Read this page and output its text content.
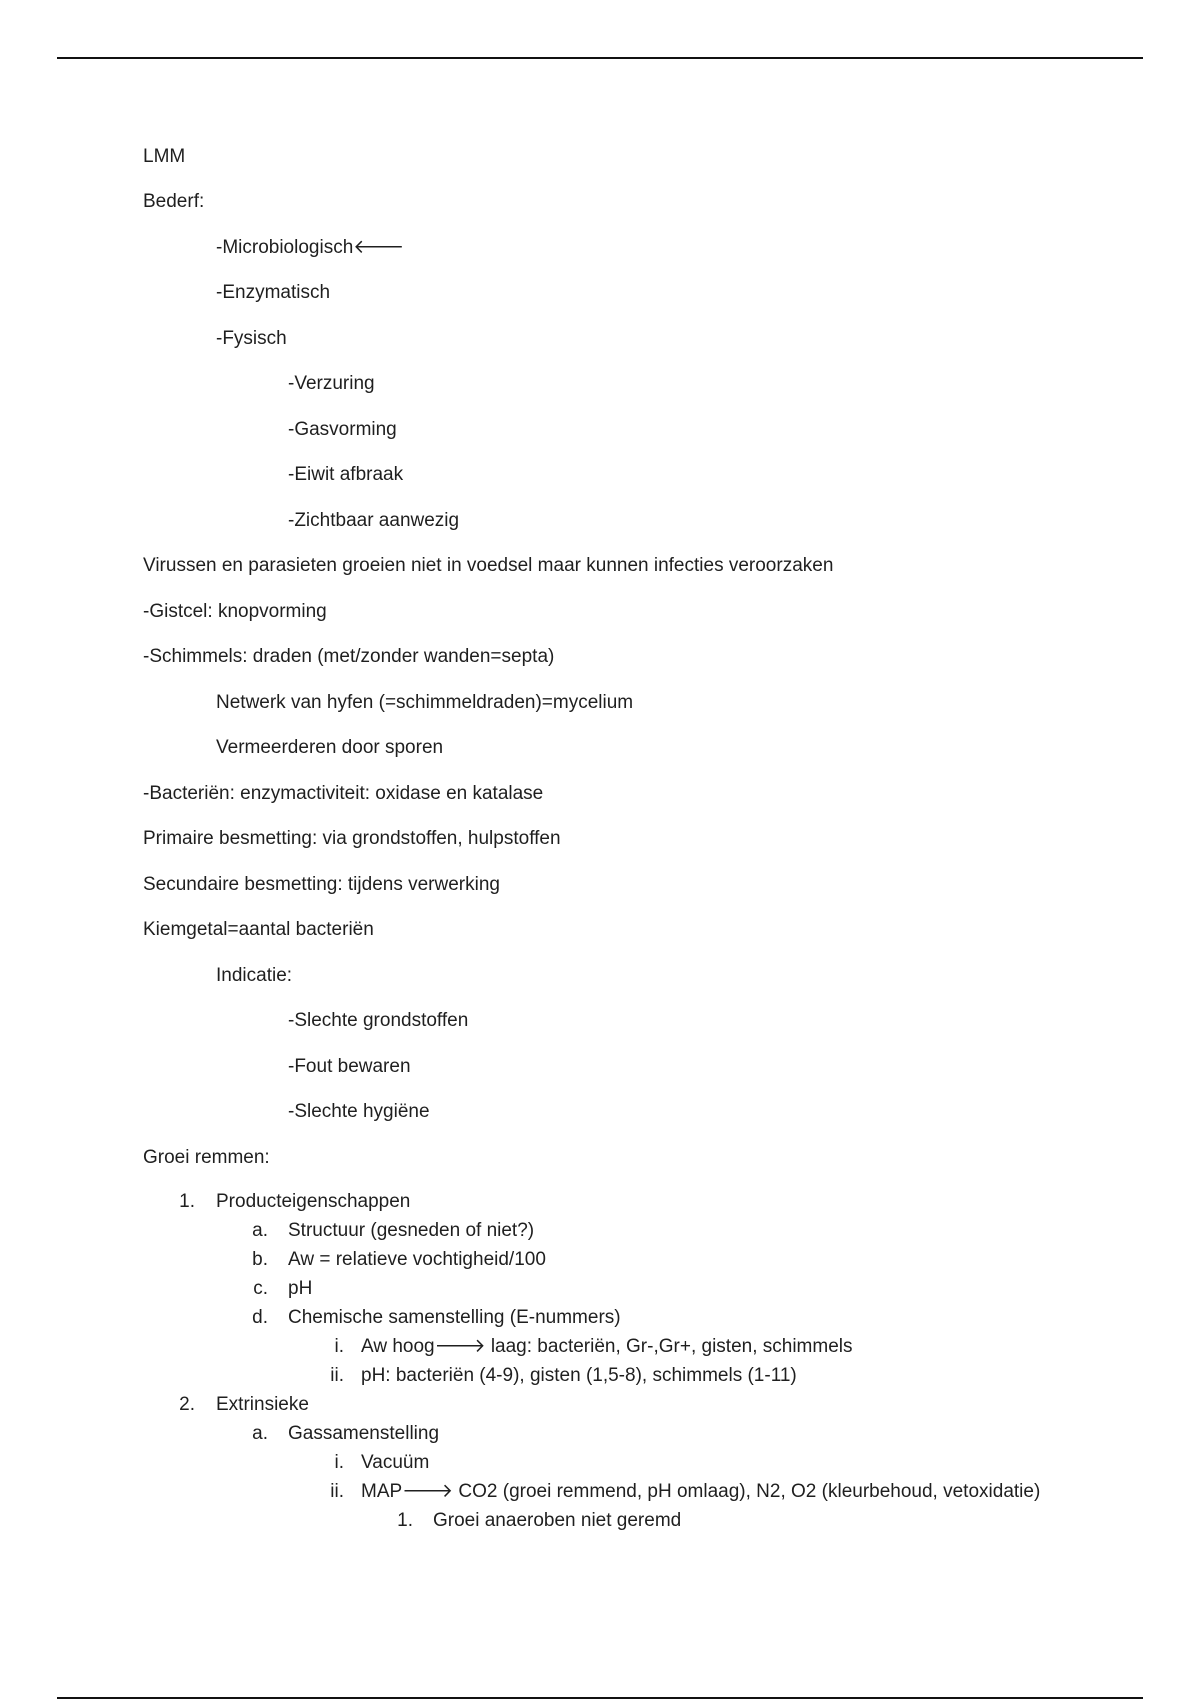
LMM
Bederf:
-Microbiologisch🡐
-Enzymatisch
-Fysisch
-Verzuring
-Gasvorming
-Eiwit afbraak
-Zichtbaar aanwezig
Virussen en parasieten groeien niet in voedsel maar kunnen infecties veroorzaken
-Gistcel: knopvorming
-Schimmels: draden (met/zonder wanden=septa)
Netwerk van hyfen (=schimmeldraden)=mycelium
Vermeerderen door sporen
-Bacteriën: enzymactiviteit: oxidase en katalase
Primaire besmetting: via grondstoffen, hulpstoffen
Secundaire besmetting: tijdens verwerking
Kiemgetal=aantal bacteriën
Indicatie:
-Slechte grondstoffen
-Fout bewaren
-Slechte hygiëne
Groei remmen:
1. Producteigenschappen
a. Structuur (gesneden of niet?)
b. Aw = relatieve vochtigheid/100
c. pH
d. Chemische samenstelling (E-nummers)
i. Aw hoog🡒 laag: bacteriën, Gr-,Gr+, gisten, schimmels
ii. pH: bacteriën (4-9), gisten (1,5-8), schimmels (1-11)
2. Extrinsieke
a. Gassamenstelling
i. Vacuüm
ii. MAP🡒 CO2 (groei remmend, pH omlaag), N2, O2 (kleurbehoud, vetoxidatie)
1. Groei anaeroben niet geremd
